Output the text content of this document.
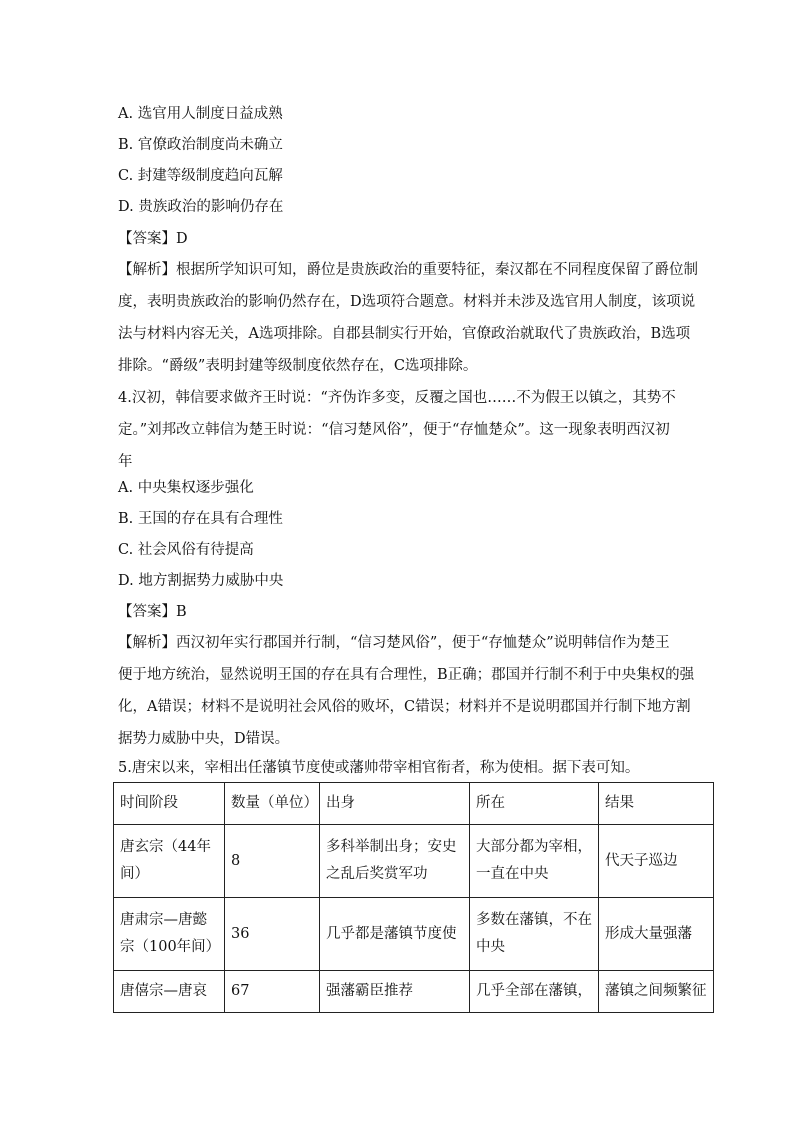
A. 选官用人制度日益成熟
B. 官僚政治制度尚未确立
C. 封建等级制度趋向瓦解
D. 贵族政治的影响仍存在
【答案】D
【解析】根据所学知识可知，爵位是贵族政治的重要特征，秦汉都在不同程度保留了爵位制
度，表明贵族政治的影响仍然存在，D选项符合题意。材料并未涉及选官用人制度，该项说
法与材料内容无关，A选项排除。自郡县制实行开始，官僚政治就取代了贵族政治，B选项
排除。“爵级”表明封建等级制度依然存在，C选项排除。
4.汉初，韩信要求做齐王时说：“齐伪诈多变，反覆之国也……不为假王以镇之，其势不
定。”刘邦改立韩信为楚王时说：“信习楚风俗”，便于“存恤楚众”。这一现象表明西汉初
年
A. 中央集权逐步强化
B. 王国的存在具有合理性
C. 社会风俗有待提高
D. 地方割据势力威胁中央
【答案】B
【解析】西汉初年实行郡国并行制，“信习楚风俗”，便于“存恤楚众”说明韩信作为楚王
便于地方统治，显然说明王国的存在具有合理性，B正确；郡国并行制不利于中央集权的强
化，A错误；材料不是说明社会风俗的败坏，C错误；材料并不是说明郡国并行制下地方割
据势力威胁中央，D错误。
5.唐宋以来，宰相出任藩镇节度使或藩帅带宰相官衔者，称为使相。据下表可知。
时间阶段	数量（单位）	出身	所在	结果
唐玄宗（44年间）	8	多科举制出身；安史之乱后奖赏军功	大部分都为宰相，一直在中央	代天子巡边
唐肃宗—唐懿宗（100年间）	36	几乎都是藩镇节度使	多数在藩镇，不在中央	形成大量强藩
唐僖宗—唐哀	67	强藩霸臣推荐	几乎全部在藩镇，	藩镇之间频繁征
